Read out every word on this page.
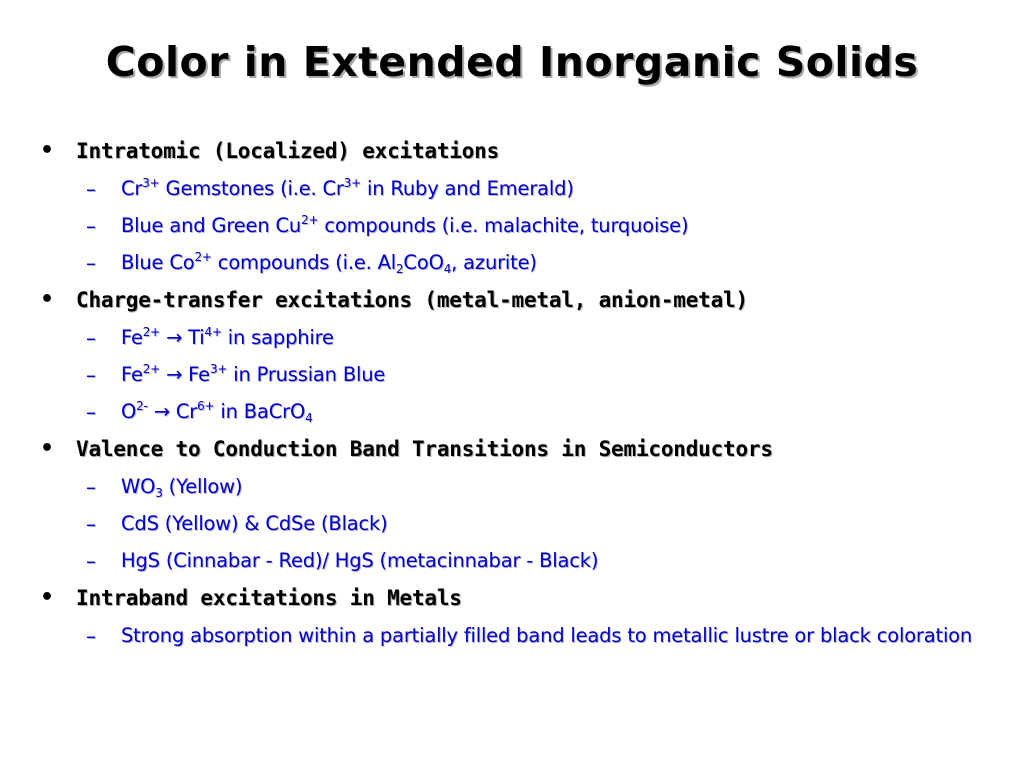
Color in Extended Inorganic Solids
• Intratomic (Localized) excitations
– $Cr^{3+}$ Gemstones (i.e. $Cr^{3+}$ in Ruby and Emerald)
– Blue and Green $Cu^{2+}$ compounds (i.e. malachite, turquoise)
– Blue $Co^{2+}$ compounds (i.e. $Al_2CoO_4$, azurite)
• Charge-transfer excitations (metal-metal, anion-metal)
– $Fe^{2+} \to Ti^{4+}$ in sapphire
– $Fe^{2+} \to Fe^{3+}$ in Prussian Blue
– $O^{2-} \to Cr^{6+}$ in BaCrO$_4$
• Valence to Conduction Band Transitions in Semiconductors
– $WO_3$ (Yellow)
– CdS (Yellow) & CdSe (Black)
– HgS (Cinnabar - Red)/ HgS (metacinnabar - Black)
• Intraband excitations in Metals
– Strong absorption within a partially filled band leads to metallic lustre or black coloration
